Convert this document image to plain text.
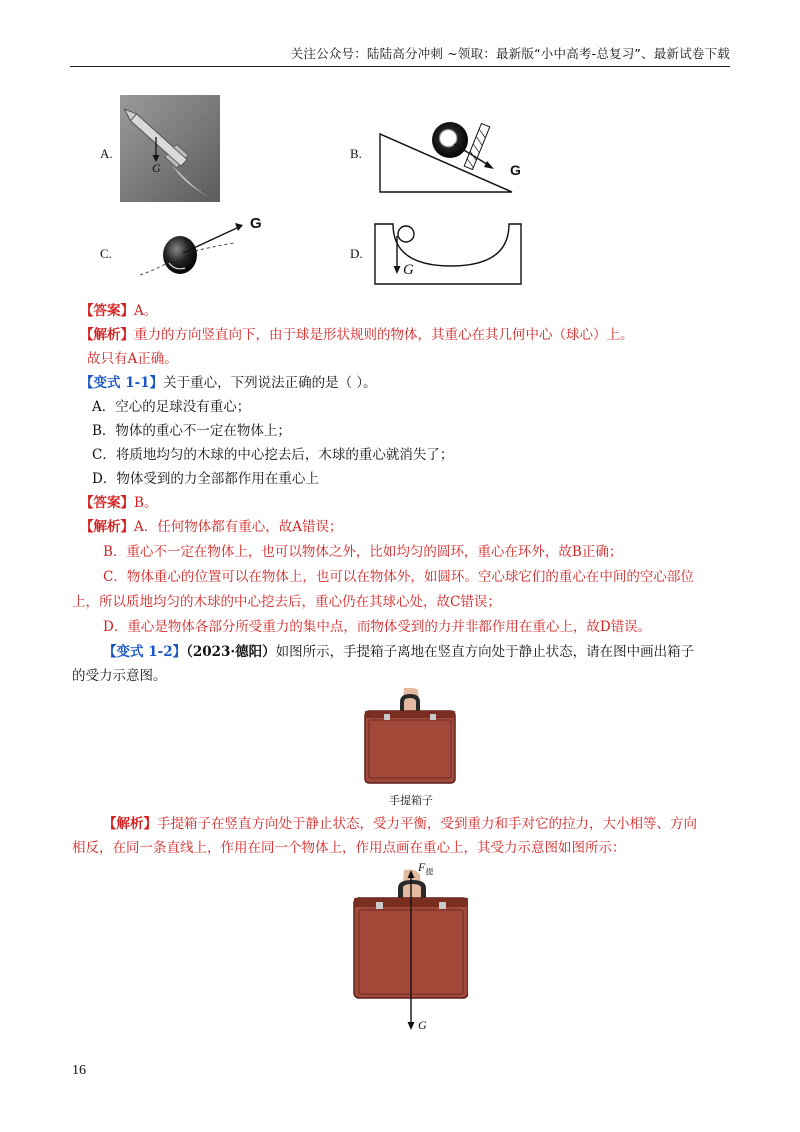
关注公众号：陆陆高分冲刺 ~领取：最新版“小中高考-总复习”、最新试卷下载
A.
G
B.
G
C.
G
D.
G
【答案】A。
【解析】重力的方向竖直向下，由于球是形状规则的物体，其重心在其几何中心（球心）上。
故只有A正确。
【变式 1-1】关于重心，下列说法正确的是（ ）。
A．空心的足球没有重心；
B．物体的重心不一定在物体上；
C．将质地均匀的木球的中心挖去后，木球的重心就消失了；
D．物体受到的力全部都作用在重心上
【答案】B。
【解析】A．任何物体都有重心，故A错误；
B．重心不一定在物体上，也可以物体之外，比如均匀的圆环，重心在环外，故B正确；
C．物体重心的位置可以在物体上，也可以在物体外，如圆环。空心球它们的重心在中间的空心部位
上，所以质地均匀的木球的中心挖去后，重心仍在其球心处，故C错误；
D．重心是物体各部分所受重力的集中点，而物体受到的力并非都作用在重心上，故D错误。
【变式 1-2】（2023·德阳）如图所示，手提箱子离地在竖直方向处于静止状态，请在图中画出箱子
的受力示意图。
手提箱子
【解析】手提箱子在竖直方向处于静止状态，受力平衡，受到重力和手对它的拉力，大小相等、方向
相反，在同一条直线上，作用在同一个物体上，作用点画在重心上，其受力示意图如图所示：
$F_提$
G
16
